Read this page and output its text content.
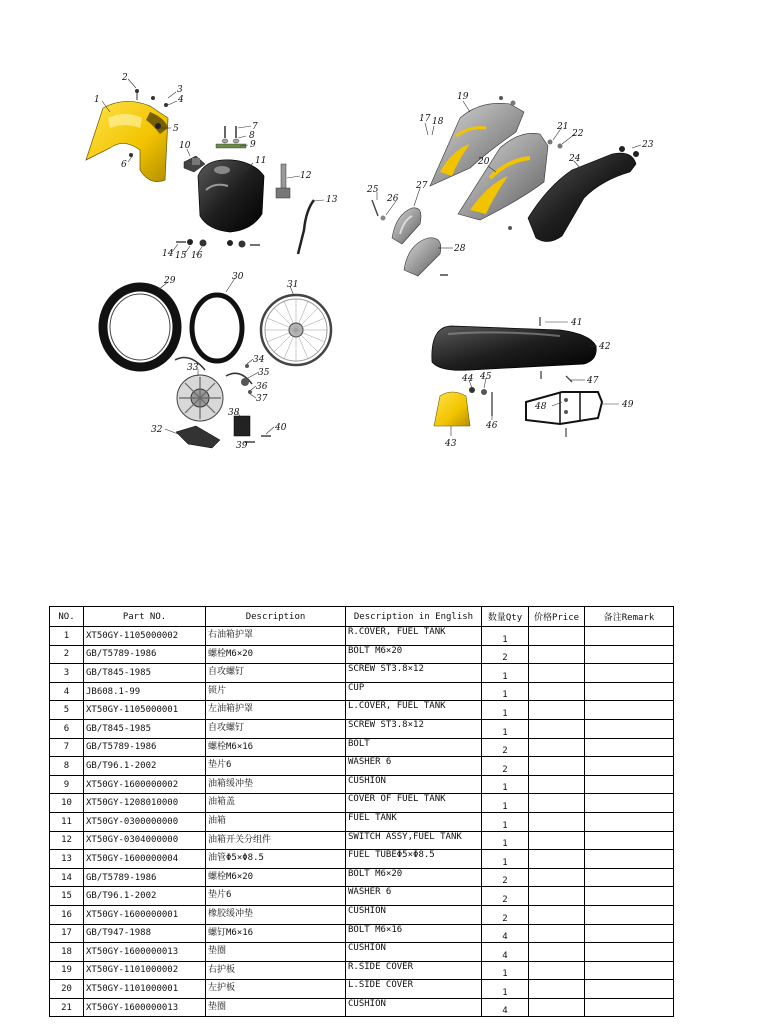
1
2
3
4
5
6
7
8
9
10
11
12
13
14 15 16
17 18
19
20
21
22
23
24
25
26
27
28
29	30
31
32
33
34
35
36
37
38
39
40
41
42
43
44 45
46
47
48	49
NO.	Part NO.	Description	Description in English	数量Qty	价格Price	备注Remark
1	XT50GY-1105000002	右油箱护罩	R.COVER, FUEL TANK	1		
2	GB/T5789-1986	螺栓M6×20	BOLT M6×20	2		
3	GB/T845-1985	自攻螺钉	SCREW ST3.8×12	1		
4	JB608.1-99	锁片	CUP	1		
5	XT50GY-1105000001	左油箱护罩	L.COVER, FUEL TANK	1		
6	GB/T845-1985	自攻螺钉	SCREW ST3.8×12	1		
7	GB/T5789-1986	螺栓M6×16	BOLT	2		
8	GB/T96.1-2002	垫片6	WASHER 6	2		
9	XT50GY-1600000002	油箱缓冲垫	CUSHION	1		
10	XT50GY-1208010000	油箱盖	COVER OF FUEL TANK	1		
11	XT50GY-0300000000	油箱	FUEL TANK	1		
12	XT50GY-0304000000	油箱开关分组件	SWITCH ASSY,FUEL TANK	1		
13	XT50GY-1600000004	油管Φ5×Φ8.5	FUEL TUBEΦ5×Φ8.5	1		
14	GB/T5789-1986	螺栓M6×20	BOLT M6×20	2		
15	GB/T96.1-2002	垫片6	WASHER 6	2		
16	XT50GY-1600000001	橡胶缓冲垫	CUSHION	2		
17	GB/T947-1988	螺钉M6×16	BOLT M6×16	4		
18	XT50GY-1600000013	垫圈	CUSHION	4		
19	XT50GY-1101000002	右护板	R.SIDE COVER	1		
20	XT50GY-1101000001	左护板	L.SIDE COVER	1		
21	XT50GY-1600000013	垫圈	CUSHION	4		
